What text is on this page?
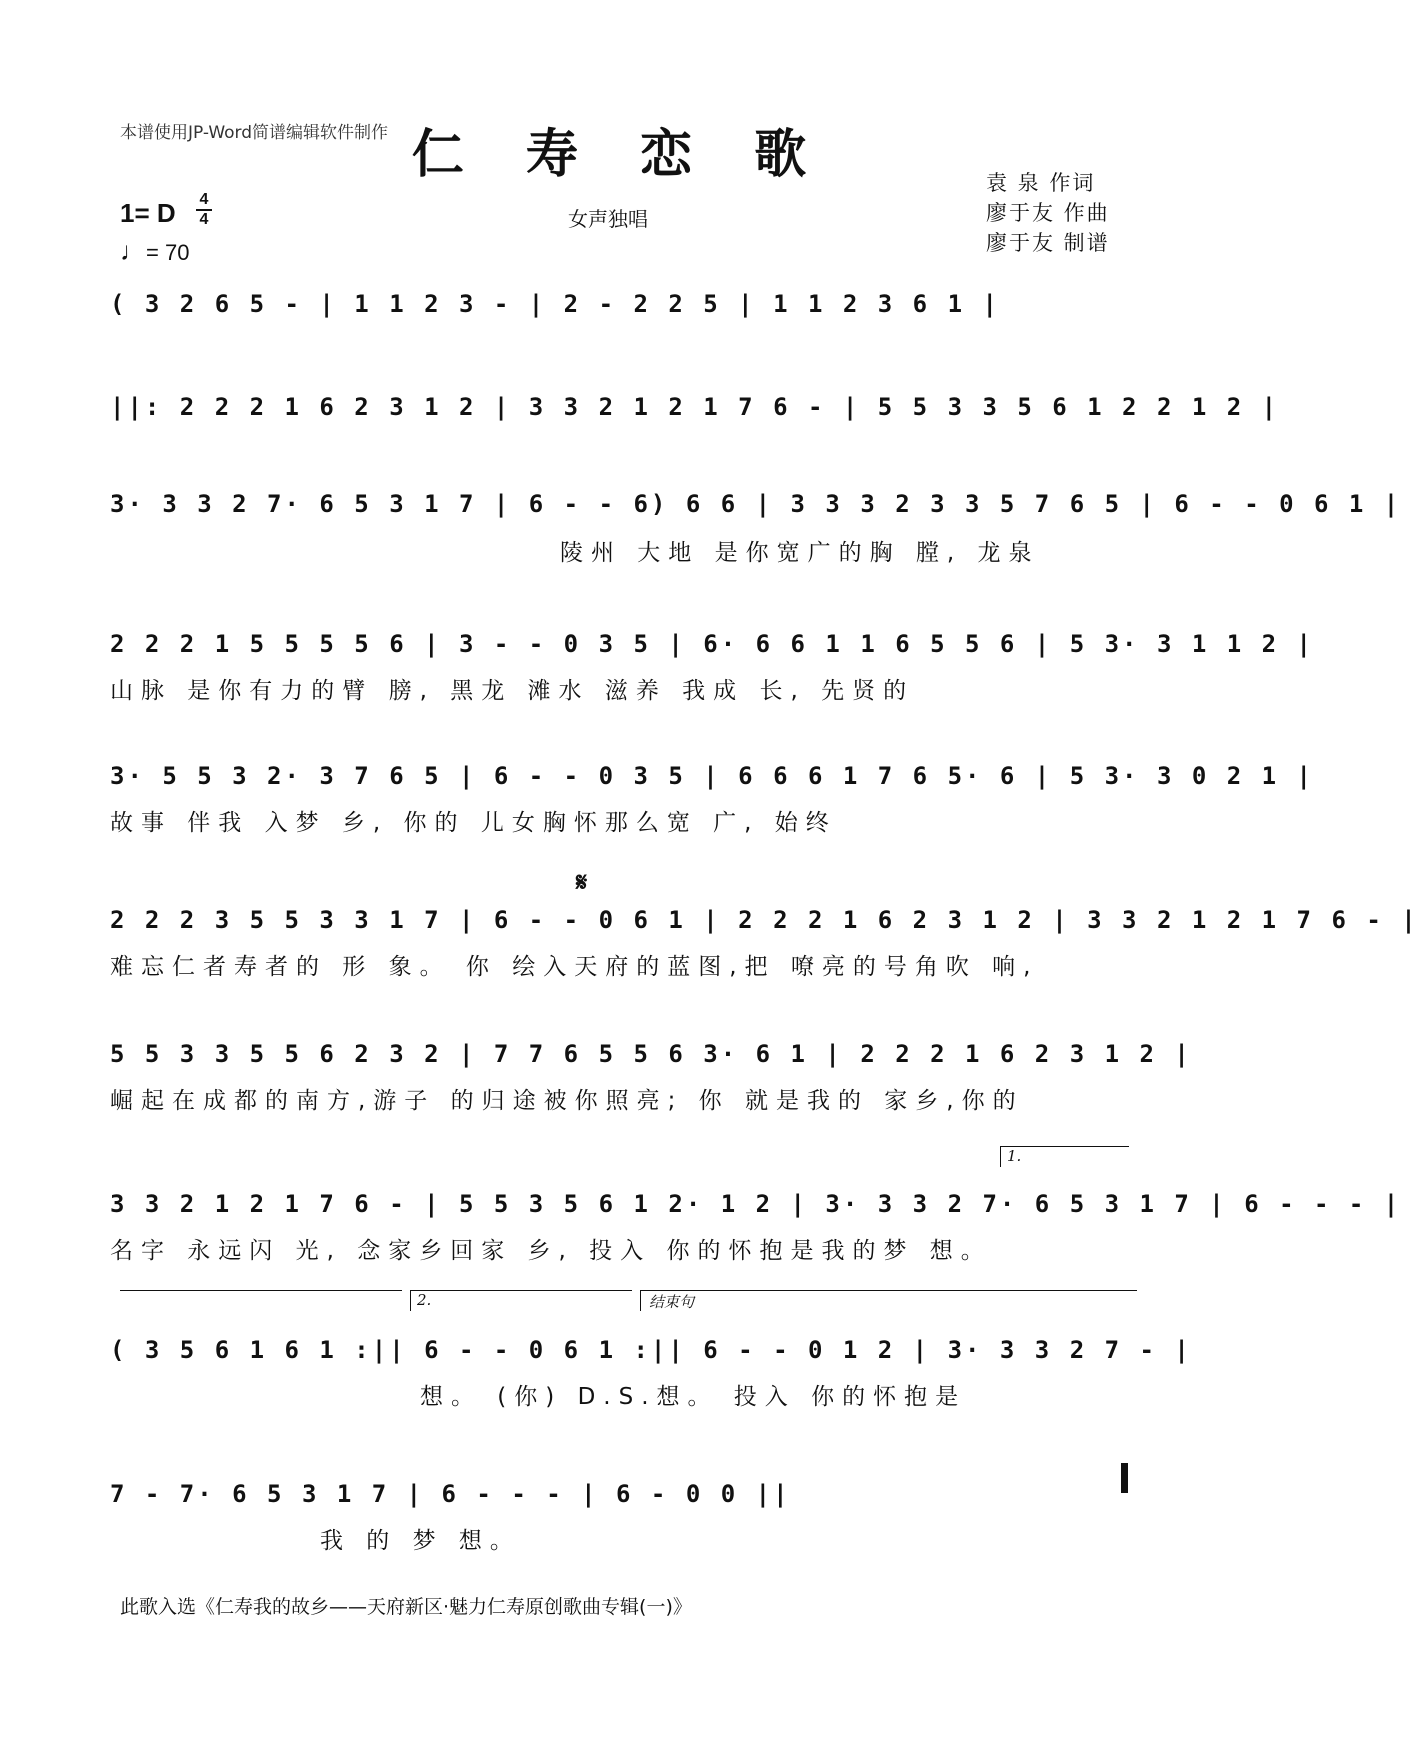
本谱使用JP-Word简谱编辑软件制作 仁 寿 恋 歌
1= D 4
4
♩= 70
女声独唱
袁 泉 作词
廖于友 作曲
廖于友 制谱
( 3 2 6 5 - | 1 1 2 3 - | 2 - 2 2 5 | 1 1 2 3 6 1 |
||: 2 2 2 1 6 2 3 1 2 | 3 3 2 1 2 1 7 6 - | 5 5 3 3 5 6 1 2 2 1 2 |
3· 3 3 2 7· 6 5 3 1 7 | 6 - - 6) 6 6 | 3 3 3 2 3 3 5 7 6 5 | 6 - - 0 6 1 |
陵州 大地 是你宽广的胸 膛, 龙泉
2 2 2 1 5 5 5 5 6 | 3 - - 0 3 5 | 6· 6 6 1 1 6 5 5 6 | 5 3· 3 1 1 2 |
山脉 是你有力的臂 膀, 黑龙 滩水 滋养 我成 长, 先贤的
3· 5 5 3 2· 3 7 6 5 | 6 - - 0 3 5 | 6 6 6 1 7 6 5· 6 | 5 3· 3 0 2 1 |
故事 伴我 入梦 乡, 你的 儿女胸怀那么宽 广, 始终
𝄋
2 2 2 3 5 5 3 3 1 7 | 6 - - 0 6 1 | 2 2 2 1 6 2 3 1 2 | 3 3 2 1 2 1 7 6 - |
难忘仁者寿者的 形 象。 你 绘入天府的蓝图,把 嘹亮的号角吹 响,
5 5 3 3 5 5 6 2 3 2 | 7 7 6 5 5 6 3· 6 1 | 2 2 2 1 6 2 3 1 2 |
崛起在成都的南方,游子 的归途被你照亮; 你 就是我的 家乡,你的
1.
3 3 2 1 2 1 7 6 - | 5 5 3 5 6 1 2· 1 2 | 3· 3 3 2 7· 6 5 3 1 7 | 6 - - - |
名字 永远闪 光, 念家乡回家 乡, 投入 你的怀抱是我的梦 想。
2.	结束句
( 3 5 6 1 6 1 :|| 6 - - 0 6 1 :|| 6 - - 0 1 2 | 3· 3 3 2 7 - |
想。 (你) D.S.想。 投入 你的怀抱是
7 - 7· 6 5 3 1 7 | 6 - - - | 6 - 0 0 ||
我 的 梦 想。
此歌入选《仁寿我的故乡——天府新区·魅力仁寿原创歌曲专辑(一)》
